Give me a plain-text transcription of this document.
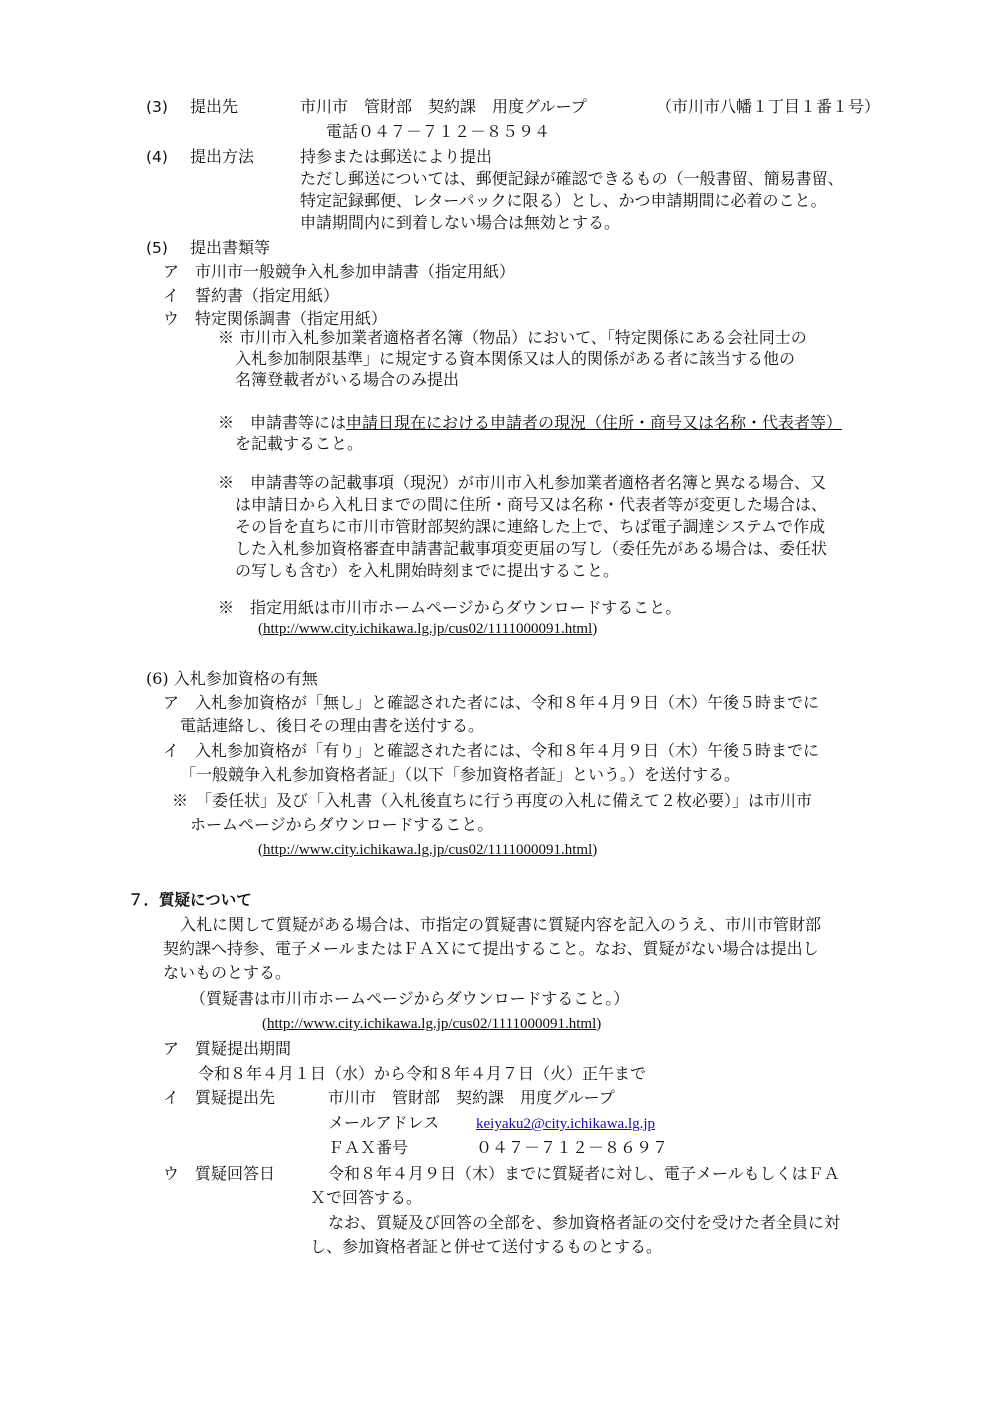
(3) 提出先	市川市　管財部　契約課　用度グループ	（市川市八幡１丁目１番１号）
電話０４７－７１２－８５９４
(4) 提出方法	持参または郵送により提出
ただし郵送については、郵便記録が確認できるもの（一般書留、簡易書留、
特定記録郵便、レターパックに限る）とし、かつ申請期間に必着のこと。
申請期間内に到着しない場合は無効とする。
(5) 提出書類等
ア　市川市一般競争入札参加申請書（指定用紙）
イ　誓約書（指定用紙）
ウ　特定関係調書（指定用紙）
※ 市川市入札参加業者適格者名簿（物品）において、「特定関係にある会社同士の
入札参加制限基準」に規定する資本関係又は人的関係がある者に該当する他の
名簿登載者がいる場合のみ提出
※　申請書等には申請日現在における申請者の現況（住所・商号又は名称・代表者等）
を記載すること。
※　申請書等の記載事項（現況）が市川市入札参加業者適格者名簿と異なる場合、又
は申請日から入札日までの間に住所・商号又は名称・代表者等が変更した場合は、
その旨を直ちに市川市管財部契約課に連絡した上で、ちば電子調達システムで作成
した入札参加資格審査申請書記載事項変更届の写し（委任先がある場合は、委任状
の写しも含む）を入札開始時刻までに提出すること。
※　指定用紙は市川市ホームページからダウンロードすること。
(http://www.city.ichikawa.lg.jp/cus02/1111000091.html)
(6) 入札参加資格の有無
ア　入札参加資格が「無し」と確認された者には、令和８年４月９日（木）午後５時までに
電話連絡し、後日その理由書を送付する。
イ　入札参加資格が「有り」と確認された者には、令和８年４月９日（木）午後５時までに
「一般競争入札参加資格者証」（以下「参加資格者証」という。）を送付する。
※　「委任状」及び「入札書（入札後直ちに行う再度の入札に備えて２枚必要）」は市川市
ホームページからダウンロードすること。
(http://www.city.ichikawa.lg.jp/cus02/1111000091.html)
７．質疑について
入札に関して質疑がある場合は、市指定の質疑書に質疑内容を記入のうえ、市川市管財部
契約課へ持参、電子メールまたはＦＡＸにて提出すること。なお、質疑がない場合は提出し
ないものとする。
（質疑書は市川市ホームページからダウンロードすること。）
(http://www.city.ichikawa.lg.jp/cus02/1111000091.html)
ア　質疑提出期間
令和８年４月１日（水）から令和８年４月７日（火）正午まで
イ　質疑提出先	市川市　管財部　契約課　用度グループ
メールアドレス keiyaku2@city.ichikawa.lg.jp
ＦＡＸ番号	０４７－７１２－８６９７
ウ　質疑回答日	令和８年４月９日（木）までに質疑者に対し、電子メールもしくはＦＡ
Ｘで回答する。
なお、質疑及び回答の全部を、参加資格者証の交付を受けた者全員に対
し、参加資格者証と併せて送付するものとする。
